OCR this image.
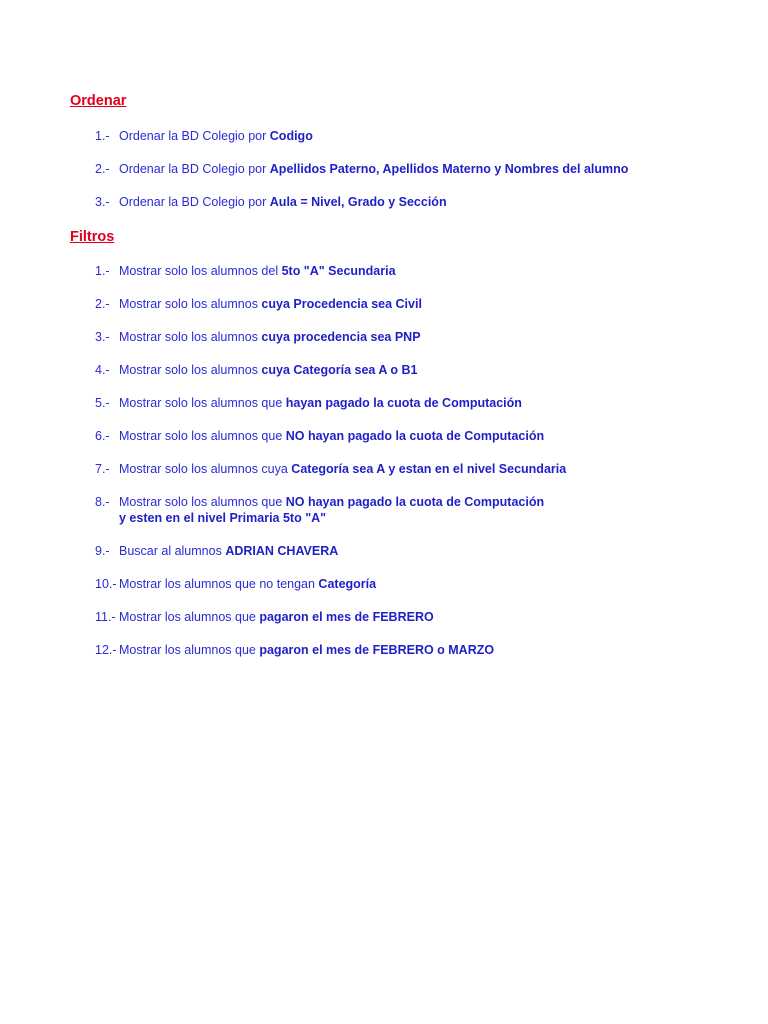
Ordenar
1.- Ordenar la BD Colegio por Codigo
2.- Ordenar la BD Colegio por Apellidos Paterno, Apellidos Materno y Nombres del alumno
3.- Ordenar la BD Colegio por Aula = Nivel, Grado y Sección
Filtros
1.- Mostrar solo los alumnos del 5to "A" Secundaria
2.- Mostrar solo los alumnos cuya Procedencia sea Civil
3.- Mostrar solo los alumnos cuya procedencia sea PNP
4.- Mostrar solo los alumnos cuya Categoría sea A o B1
5.- Mostrar solo los alumnos que hayan pagado la cuota de Computación
6.- Mostrar solo los alumnos que NO hayan pagado la cuota de Computación
7.- Mostrar solo los alumnos cuya Categoría sea A y estan en el nivel Secundaria
8.- Mostrar solo los alumnos que NO hayan pagado la cuota de Computación
y esten en el nivel Primaria 5to "A"
9.- Buscar al alumnos ADRIAN CHAVERA
10.- Mostrar los alumnos que no tengan Categoría
11.- Mostrar los alumnos que pagaron el mes de FEBRERO
12.- Mostrar los alumnos que pagaron el mes de FEBRERO o MARZO
